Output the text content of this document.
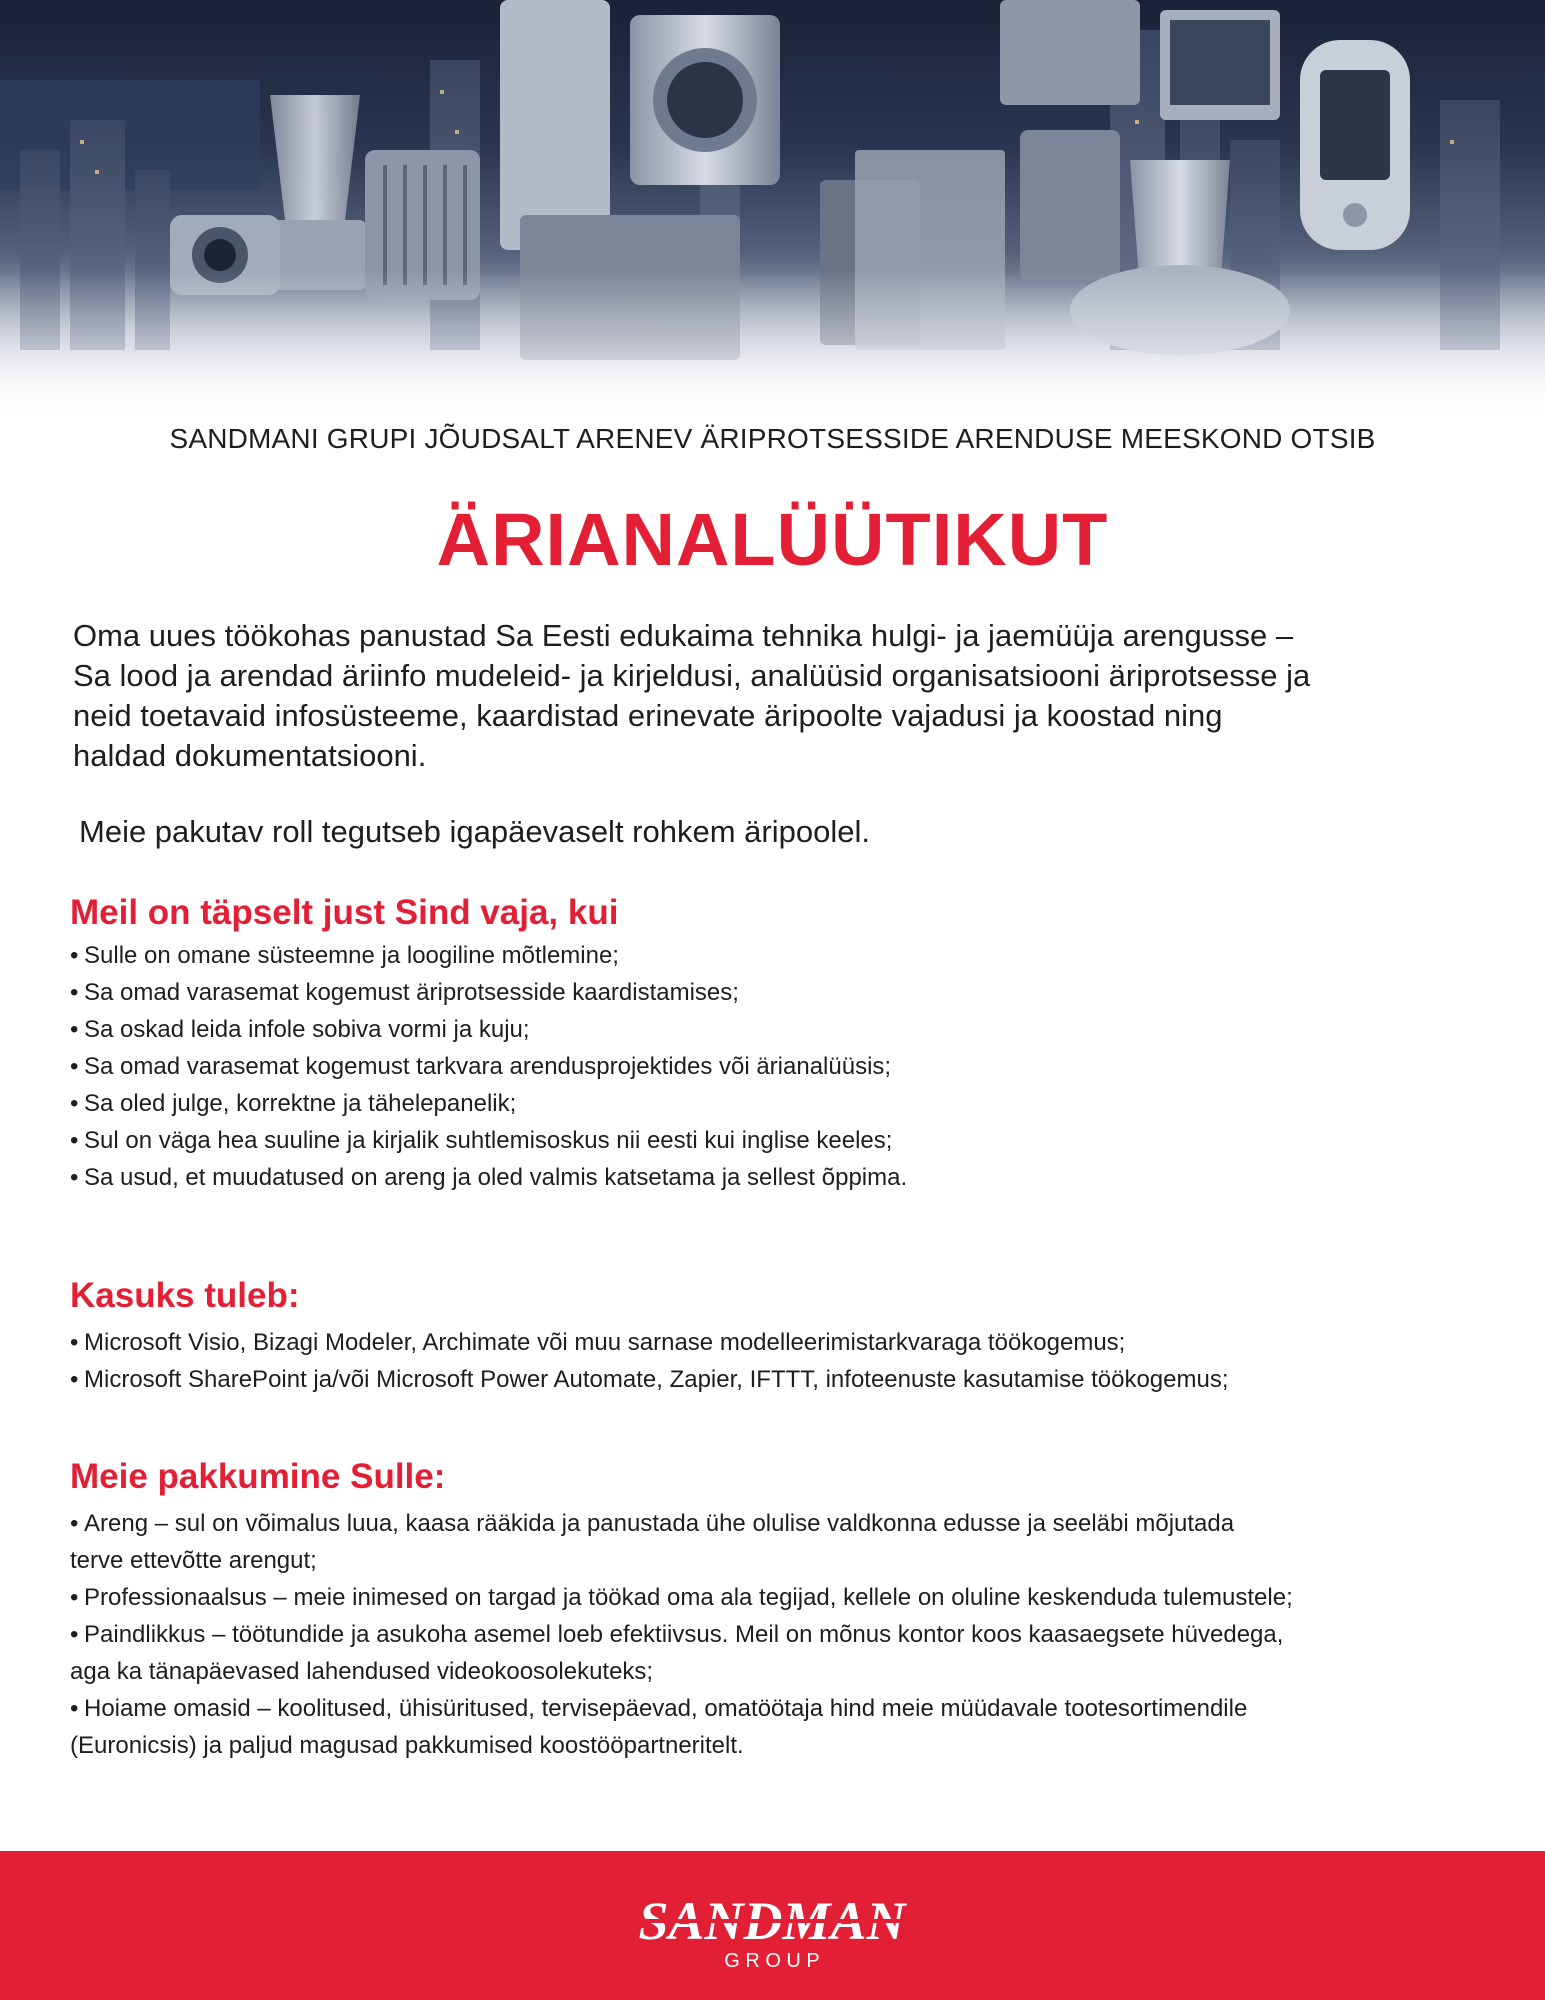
SANDMANI GRUPI JÕUDSALT ARENEV ÄRIPROTSESSIDE ARENDUSE MEESKOND OTSIB
ÄRIANALÜÜTIKUT
Oma uues töökohas panustad Sa Eesti edukaima tehnika hulgi- ja jaemüüja arengusse –
Sa lood ja arendad äriinfo mudeleid- ja kirjeldusi, analüüsid organisatsiooni äriprotsesse ja
neid toetavaid infosüsteeme, kaardistad erinevate äripoolte vajadusi ja koostad ning
haldad dokumentatsiooni.
Meie pakutav roll tegutseb igapäevaselt rohkem äripoolel.
Meil on täpselt just Sind vaja, kui
• Sulle on omane süsteemne ja loogiline mõtlemine;
• Sa omad varasemat kogemust äriprotsesside kaardistamises;
• Sa oskad leida infole sobiva vormi ja kuju;
• Sa omad varasemat kogemust tarkvara arendusprojektides või ärianalüüsis;
• Sa oled julge, korrektne ja tähelepanelik;
• Sul on väga hea suuline ja kirjalik suhtlemisoskus nii eesti kui inglise keeles;
• Sa usud, et muudatused on areng ja oled valmis katsetama ja sellest õppima.
Kasuks tuleb:
• Microsoft Visio, Bizagi Modeler, Archimate või muu sarnase modelleerimistarkvaraga töökogemus;
• Microsoft SharePoint ja/või Microsoft Power Automate, Zapier, IFTTT, infoteenuste kasutamise töökogemus;
Meie pakkumine Sulle:
• Areng – sul on võimalus luua, kaasa rääkida ja panustada ühe olulise valdkonna edusse ja seeläbi mõjutada
terve ettevõtte arengut;
• Professionaalsus – meie inimesed on targad ja töökad oma ala tegijad, kellele on oluline keskenduda tulemustele;
• Paindlikkus – töötundide ja asukoha asemel loeb efektiivsus. Meil on mõnus kontor koos kaasaegsete hüvedega,
aga ka tänapäevased lahendused videokoosolekuteks;
• Hoiame omasid – koolitused, ühisüritused, tervisepäevad, omatöötaja hind meie müüdavale tootesortimendile
(Euronicsis) ja paljud magusad pakkumised koostööpartneritelt.
SANDMAN
G R O U P
